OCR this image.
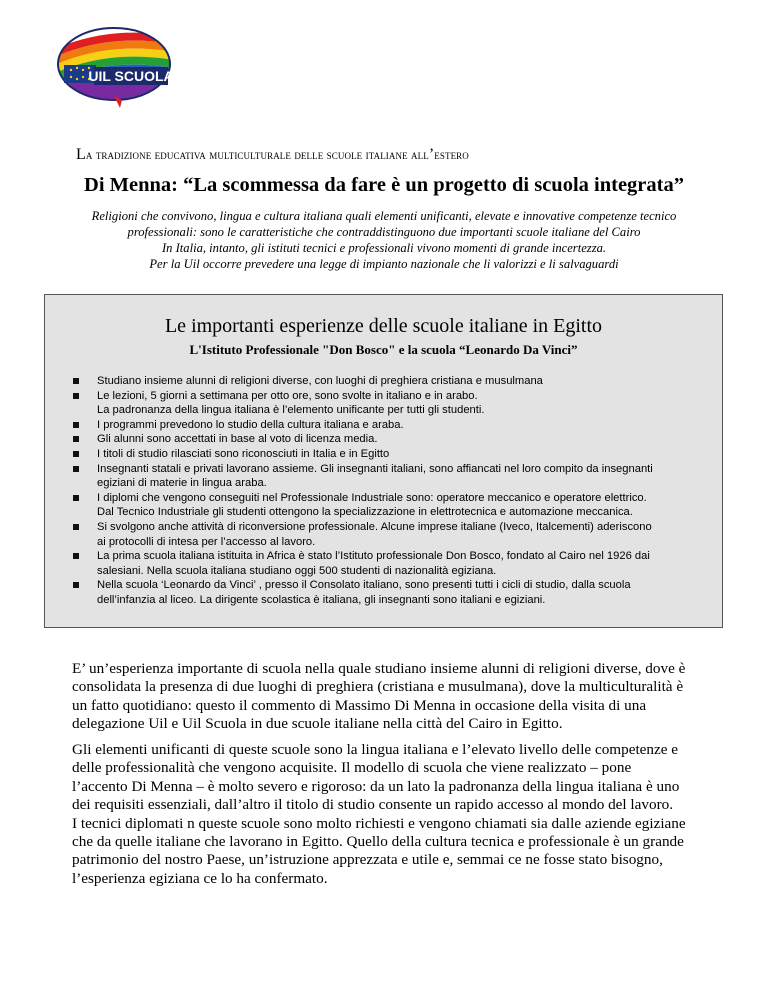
UIL SCUOLA
La tradizione educativa multiculturale delle scuole italiane all’estero
Di Menna: “La scommessa da fare è un progetto di scuola integrata”
Religioni che convivono, lingua e cultura italiana quali elementi unificanti, elevate e innovative competenze tecnico
professionali: sono le caratteristiche che contraddistinguono due importanti scuole italiane del Cairo
In Italia, intanto, gli istituti tecnici e professionali vivono momenti di grande incertezza.
Per la Uil occorre prevedere una legge di impianto nazionale che li valorizzi e li salvaguardi
Le importanti esperienze delle scuole italiane in Egitto
L'Istituto Professionale "Don Bosco" e la scuola “Leonardo Da Vinci”
Studiano insieme alunni di religioni diverse, con luoghi di preghiera cristiana e musulmana
Le lezioni, 5 giorni a settimana per otto ore, sono svolte in italiano e in arabo.
La padronanza della lingua italiana è l’elemento unificante per tutti gli studenti.
I programmi prevedono lo studio della cultura italiana e araba.
Gli alunni sono accettati in base al voto di licenza media.
I titoli di studio rilasciati sono riconosciuti in Italia e in Egitto
Insegnanti statali e privati lavorano assieme. Gli insegnanti italiani, sono affiancati nel loro compito da insegnanti
egiziani di materie in lingua araba.
I diplomi che vengono conseguiti nel Professionale Industriale sono: operatore meccanico e operatore elettrico.
Dal Tecnico Industriale gli studenti ottengono la specializzazione in elettrotecnica e automazione meccanica.
Si svolgono anche attività di riconversione professionale. Alcune imprese italiane (Iveco, Italcementi) aderiscono
ai protocolli di intesa per l’accesso al lavoro.
La prima scuola italiana istituita in Africa è stato l’Istituto professionale Don Bosco, fondato al Cairo nel 1926 dai
salesiani. Nella scuola italiana studiano oggi 500 studenti di nazionalità egiziana.
Nella scuola ‘Leonardo da Vinci’ , presso il Consolato italiano, sono presenti tutti i cicli di studio, dalla scuola
dell’infanzia al liceo. La dirigente scolastica è italiana, gli insegnanti sono italiani e egiziani.
E’ un’esperienza importante di scuola nella quale studiano insieme alunni di religioni diverse, dove è
consolidata la presenza di due luoghi di preghiera (cristiana e musulmana), dove la multiculturalità è
un fatto quotidiano: questo il commento di Massimo Di Menna in occasione della visita di una
delegazione Uil e Uil Scuola in due scuole italiane nella città del Cairo in Egitto.
Gli elementi unificanti di queste scuole sono la lingua italiana e l’elevato livello delle competenze e
delle professionalità che vengono acquisite. Il modello di scuola che viene realizzato – pone
l’accento Di Menna – è molto severo e rigoroso: da un lato la padronanza della lingua italiana è uno
dei requisiti essenziali, dall’altro il titolo di studio consente un rapido accesso al mondo del lavoro.
I tecnici diplomati n queste scuole sono molto richiesti e vengono chiamati sia dalle aziende egiziane
che da quelle italiane che lavorano in Egitto. Quello della cultura tecnica e professionale è un grande
patrimonio del nostro Paese, un’istruzione apprezzata e utile e, semmai ce ne fosse stato bisogno,
l’esperienza egiziana ce lo ha confermato.
